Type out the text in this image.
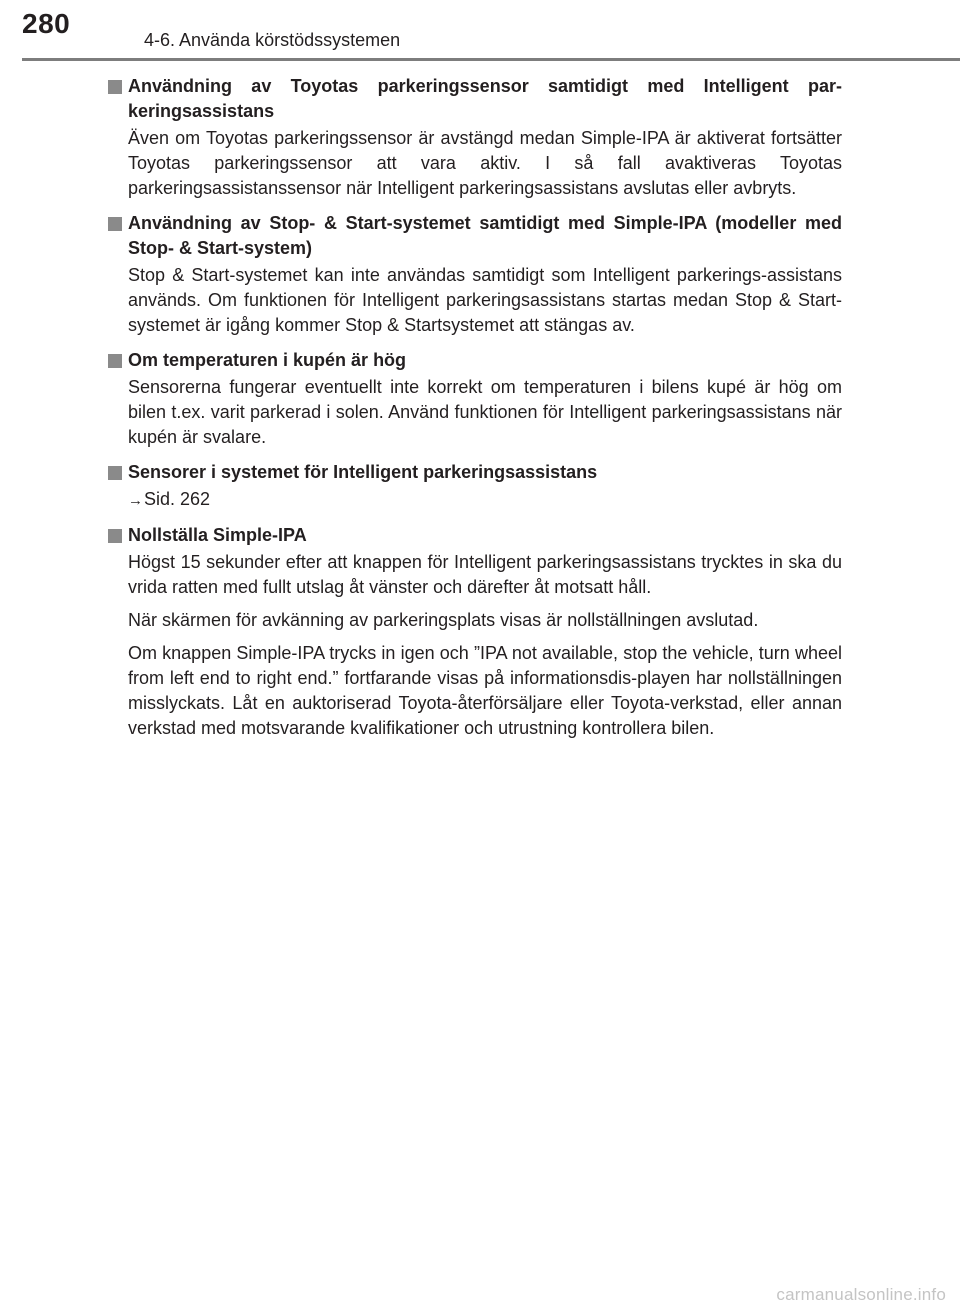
280
4-6. Använda körstödssystemen
Användning av Toyotas parkeringssensor samtidigt med Intelligent par-keringsassistans

Även om Toyotas parkeringssensor är avstängd medan Simple-IPA är aktiverat fortsätter Toyotas parkeringssensor att vara aktiv. I så fall avaktiveras Toyotas parkeringsassistanssensor när Intelligent parkeringsassistans avslutas eller avbryts.

Användning av Stop- & Start-systemet samtidigt med Simple-IPA (modeller med Stop- & Start-system)

Stop & Start-systemet kan inte användas samtidigt som Intelligent parkerings-assistans används. Om funktionen för Intelligent parkeringsassistans startas medan Stop & Start-systemet är igång kommer Stop & Startsystemet att stängas av.

Om temperaturen i kupén är hög

Sensorerna fungerar eventuellt inte korrekt om temperaturen i bilens kupé är hög om bilen t.ex. varit parkerad i solen. Använd funktionen för Intelligent parkeringsassistans när kupén är svalare.

Sensorer i systemet för Intelligent parkeringsassistans

→Sid. 262

Nollställa Simple-IPA

Högst 15 sekunder efter att knappen för Intelligent parkeringsassistans trycktes in ska du vrida ratten med fullt utslag åt vänster och därefter åt motsatt håll.

När skärmen för avkänning av parkeringsplats visas är nollställningen avslutad.

Om knappen Simple-IPA trycks in igen och ”IPA not available, stop the vehicle, turn wheel from left end to right end.” fortfarande visas på informationsdis-playen har nollställningen misslyckats. Låt en auktoriserad Toyota-återförsäljare eller Toyota-verkstad, eller annan verkstad med motsvarande kvalifikationer och utrustning kontrollera bilen.

carmanualsonline.info
